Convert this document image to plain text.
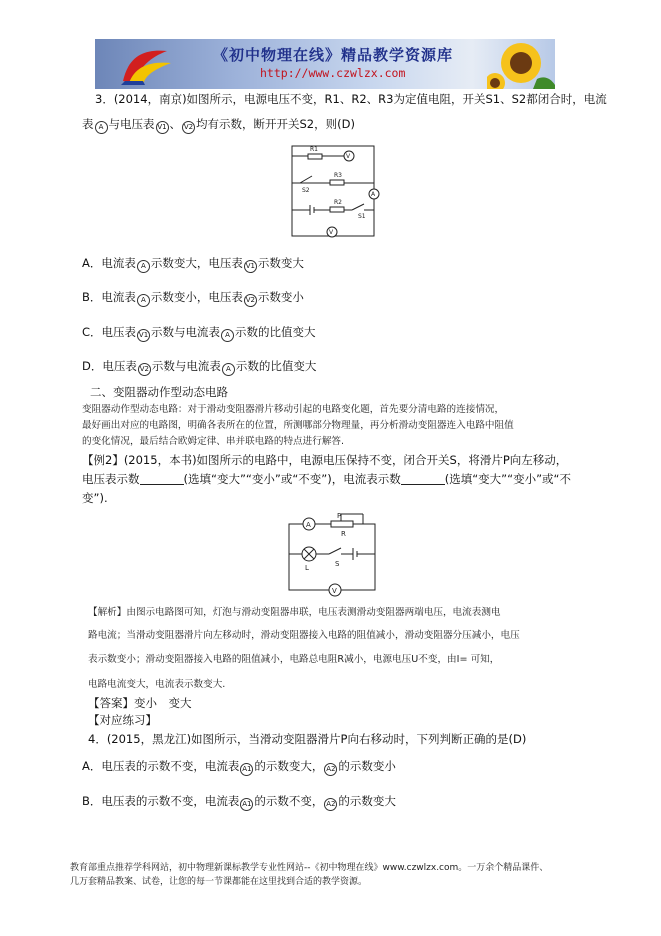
《初中物理在线》精品教学资源库
http://www.czwlzx.com
3．(2014，南京)如图所示，电源电压不变，R1、R2、R3为定值电阻，开关S1、S2都闭合时，电流
表 A 与电压表 V1 、 V2 均有示数，断开开关S2，则(D)
R1
V
R3
S2
A
R2
S1
V
A．电流表 A 示数变大，电压表 V1 示数变大
B．电流表 A 示数变小，电压表 V2 示数变小
C．电压表 V1 示数与电流表 A 示数的比值变大
D．电压表 V2 示数与电流表 A 示数的比值变大
二、变阻器动作型动态电路
变阻器动作型动态电路：对于滑动变阻器滑片移动引起的电路变化题，首先要分清电路的连接情况，
最好画出对应的电路图，明确各表所在的位置，所测哪部分物理量，再分析滑动变阻器连入电路中阻值
的变化情况，最后结合欧姆定律、串并联电路的特点进行解答.
【例2】(2015，本书)如图所示的电路中，电源电压保持不变，闭合开关S，将滑片P向左移动，
电压表示数	(选填“变大”“变小”或“不变”)，电流表示数	(选填“变大”“变小”或“不
变”).
A
P
R
L	S
V
【解析】由图示电路图可知，灯泡与滑动变阻器串联，电压表测滑动变阻器两端电压，电流表测电
路电流；当滑动变阻器滑片向左移动时，滑动变阻器接入电路的阻值减小，滑动变阻器分压减小，电压
表示数变小；滑动变阻器接入电路的阻值减小，电路总电阻R减小，电源电压U不变，由I= 可知，
电路电流变大，电流表示数变大.
【答案】变小　变大
【对应练习】
4．(2015，黑龙江)如图所示，当滑动变阻器滑片P向右移动时，下列判断正确的是(D)
A．电压表的示数不变，电流表 A1 的示数变大， A2 的示数变小
B．电压表的示数不变，电流表 A1 的示数不变， A2 的示数变大
教育部重点推荐学科网站，初中物理新课标教学专业性网站--《初中物理在线》www.czwlzx.com。一万余个精品课件、
几万套精品教案、试卷，让您的每一节课都能在这里找到合适的教学资源。
